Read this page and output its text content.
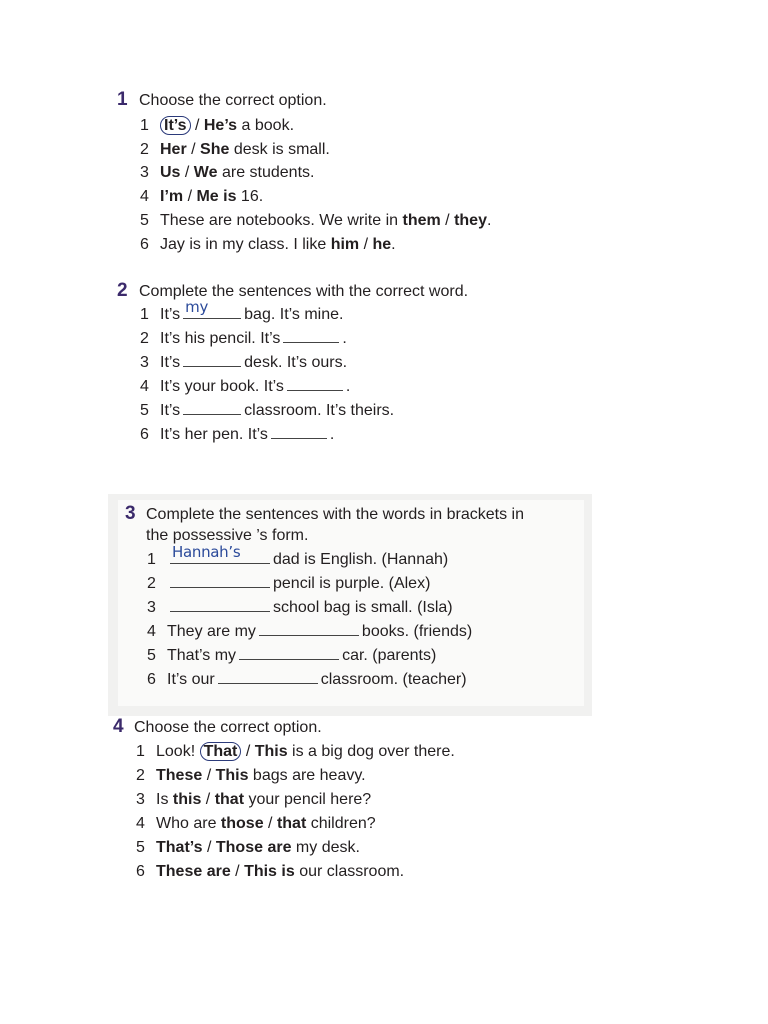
1 Choose the correct option.
1 It’s / He’s a book.
2 Her / She desk is small.
3 Us / We are students.
4 I’m / Me is 16.
5 These are notebooks. We write in them / they.
6 Jay is in my class. I like him / he.
2 Complete the sentences with the correct word.
1 It’s my bag. It’s mine.
2 It’s his pencil. It’s	.
3 It’s	desk. It’s ours.
4 It’s your book. It’s	.
5 It’s	classroom. It’s theirs.
6 It’s her pen. It’s	.
3 Complete the sentences with the words in brackets in
the possessive ’s form.
1	Hannah’s dad is English. (Hannah)
2	pencil is purple. (Alex)
3	school bag is small. (Isla)
4 They are my	books. (friends)
5 That’s my	car. (parents)
6 It’s our	classroom. (teacher)
4 Choose the correct option.
1 Look! That / This is a big dog over there.
2 These / This bags are heavy.
3 Is this / that your pencil here?
4 Who are those / that children?
5 That’s / Those are my desk.
6 These are / This is our classroom.
